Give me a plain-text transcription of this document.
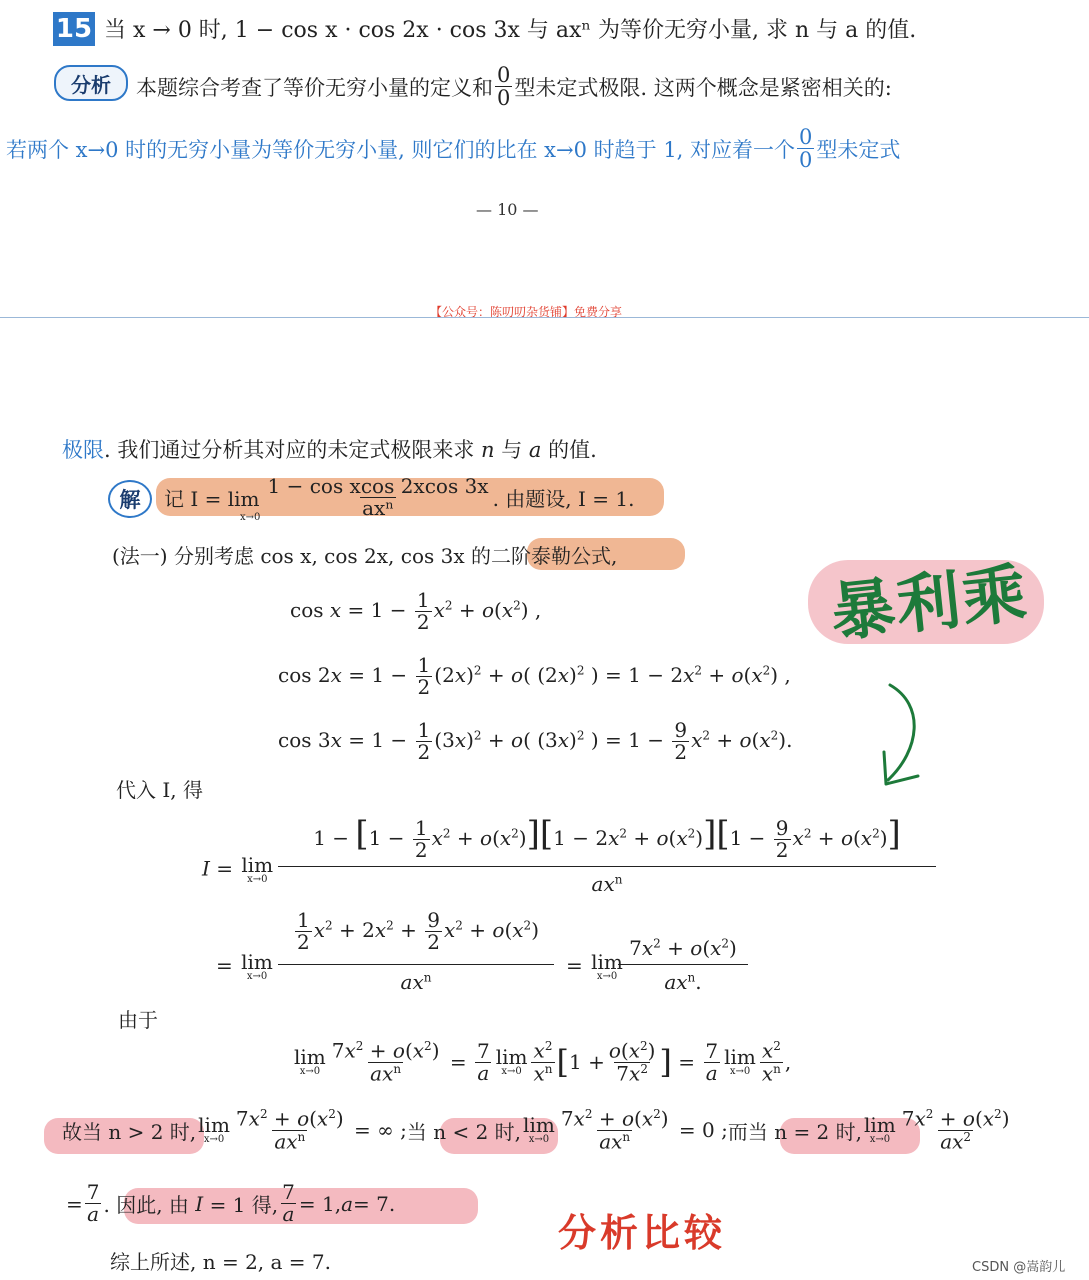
15 当 x → 0 时, 1 − cos x · cos 2x · cos 3x 与 axⁿ 为等价无穷小量, 求 n 与 a 的值.
分析	本题综合考查了等价无穷小量的定义和 $\frac{0}{0}$ 型未定式极限. 这两个概念是紧密相关的:
若两个 x→0 时的无穷小量为等价无穷小量, 则它们的比在 x→0 时趋于 1, 对应着一个 $\frac{0}{0}$ 型未定式
— 10 —
【公众号：陈叨叨杂货铺】免费分享
极限. 我们通过分析其对应的未定式极限来求 n 与 a 的值.
解	记 $I = \lim \frac{\text{1 − cos xcos 2xcos 3x}}{\text{axⁿ}}$ . 由题设, I = 1.
x→0
(法一) 分别考虑 cos x, cos 2x, cos 3x 的二阶泰勒公式,
$\cos x = 1 - \frac{1}{2} x^2 + o(x^2)$ ,
$\cos 2x = 1 - \frac{1}{2} (2x)^2 + o$( $(2x)^2$ ) = $1 - 2x^2 + o(x^2)$ ,
$\cos 3x = 1 - \frac{1}{2} (3x)^2 + o$( $(3x)^2$ ) = $1 - \frac{9}{2} x^2 + o(x^2)$.
代入 I, 得
I = lim
x→0
$1 - [1 - \frac{1}{2} x^2 + o(x^2)][1 - 2x^2 + o(x^2)][1 - \frac{9}{2} x^2 + o(x^2)]$
$ax^n$
= lim
x→0
$\frac{1}{2} x^2 + 2x^2 + \frac{9}{2} x^2 + o(x^2)$
$ax^n$	= lim
x→0
$7x^2 + o(x^2)$
$ax^n$.
由于
lim
$x\to 0 \frac{7x^2 + o(x^2)}{ax^n} = \frac{7}{a}$ lim
$x\to 0 \frac{x^2}{x^n}$ [ $1 + \frac{o(x^2)}{7x^2}$ ] = $\frac{7}{a}$ lim
$x\to 0 \frac{x^2}{x^n}$ ,
故当 n > 2 时, lim
$x\to 0 \frac{7x^2 + o(x^2)}{ax^n}$
= ∞ ; 当 n < 2 时, lim
$x\to 0 \frac{7x^2 + o(x^2)}{ax^n}$
= 0 ; 而当 n = 2 时, lim
$x\to 0 \frac{7x^2 + o(x^2)}{ax^2}$
= $\frac{7}{a}$ . 因此, 由 I = 1 得, $\frac{7}{a} = 1$, a = 7.
综上所述, n = 2, a = 7.
暴利乘
分析比较
CSDN @嵩韵儿
